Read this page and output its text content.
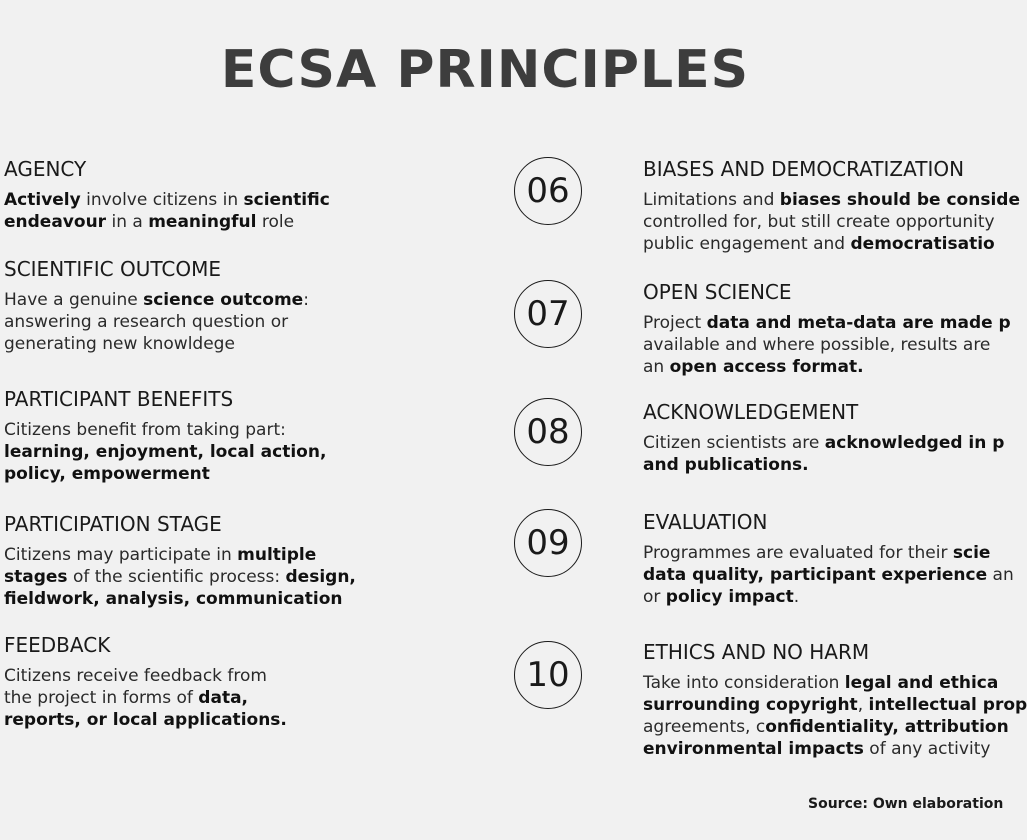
ECSA PRINCIPLES
AGENCY
Actively involve citizens in scientific
endeavour in a meaningful role
SCIENTIFIC OUTCOME
Have a genuine science outcome:
answering a research question or
generating new knowldege
PARTICIPANT BENEFITS
Citizens benefit from taking part:
learning, enjoyment, local action,
policy, empowerment
PARTICIPATION STAGE
Citizens may participate in multiple
stages of the scientific process: design,
fieldwork, analysis, communication
FEEDBACK
Citizens receive feedback from
the project in forms of data,
reports, or local applications.
06
07
08
09
10
BIASES AND DEMOCRATIZATION
Limitations and biases should be conside
controlled for, but still create opportunity
public engagement and democratisatio
OPEN SCIENCE
Project data and meta-data are made p
available and where possible, results are
an open access format.
ACKNOWLEDGEMENT
Citizen scientists are acknowledged in p
and publications.
EVALUATION
Programmes are evaluated for their scie
data quality, participant experience an
or policy impact.
ETHICS AND NO HARM
Take into consideration legal and ethica
surrounding copyright, intellectual prop
agreements, confidentiality, attribution
environmental impacts of any activity
Source: Own elaboration
